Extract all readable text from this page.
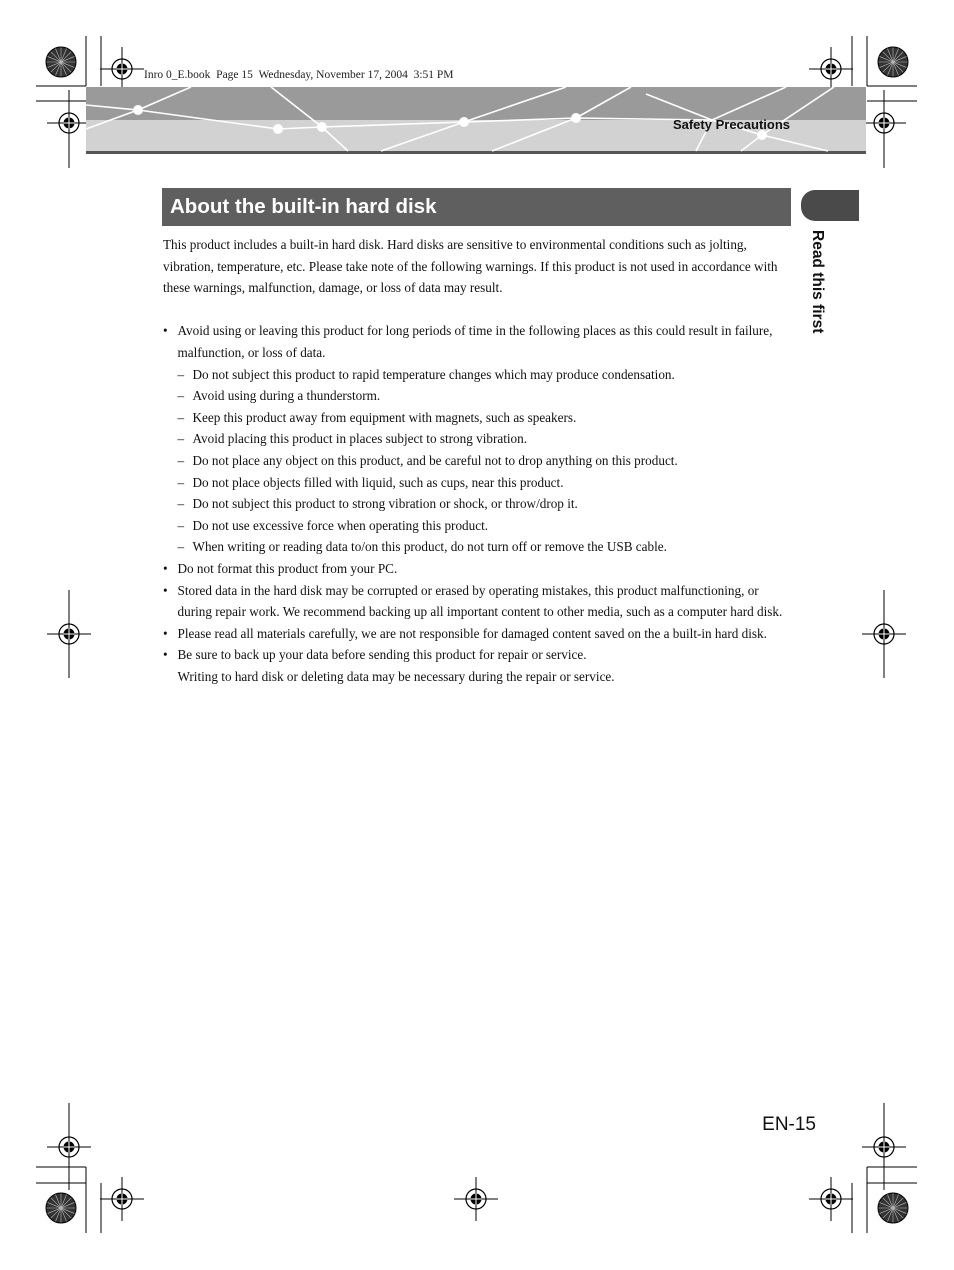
Inro 0_E.book  Page 15  Wednesday, November 17, 2004  3:51 PM
Safety Precautions
Read this first
About the built-in hard disk

This product includes a built-in hard disk. Hard disks are sensitive to environmental conditions such as jolting, vibration, temperature, etc. Please take note of the following warnings. If this product is not used in accordance with these warnings, malfunction, damage, or loss of data may result.

• Avoid using or leaving this product for long periods of time in the following places as this could result in failure, malfunction, or loss of data.
– Do not subject this product to rapid temperature changes which may produce condensation.
– Avoid using during a thunderstorm.
– Keep this product away from equipment with magnets, such as speakers.
– Avoid placing this product in places subject to strong vibration.
– Do not place any object on this product, and be careful not to drop anything on this product.
– Do not place objects filled with liquid, such as cups, near this product.
– Do not subject this product to strong vibration or shock, or throw/drop it.
– Do not use excessive force when operating this product.
– When writing or reading data to/on this product, do not turn off or remove the USB cable.
• Do not format this product from your PC.
• Stored data in the hard disk may be corrupted or erased by operating mistakes, this product malfunctioning, or during repair work. We recommend backing up all important content to other media, such as a computer hard disk.
• Please read all materials carefully, we are not responsible for damaged content saved on the a built-in hard disk.
• Be sure to back up your data before sending this product for repair or service.
Writing to hard disk or deleting data may be necessary during the repair or service.
EN-15
